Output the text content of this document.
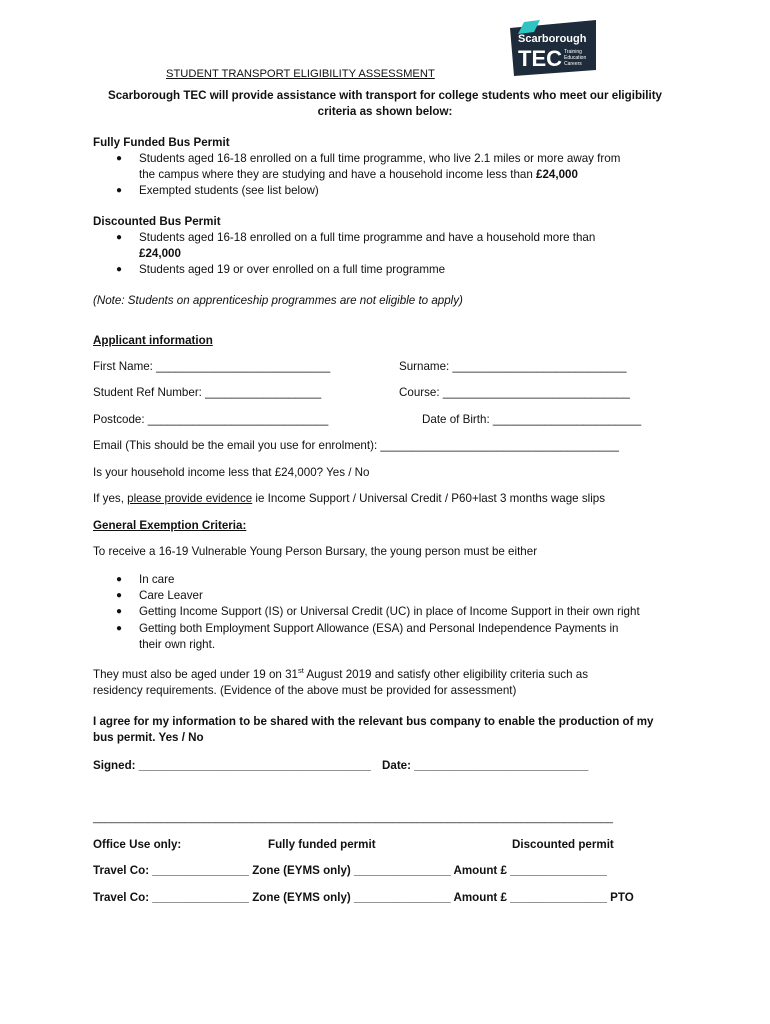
Scarborough
TEC Training
Education
Careers
STUDENT TRANSPORT ELIGIBILITY ASSESSMENT
Scarborough TEC will provide assistance with transport for college students who meet our eligibility
criteria as shown below:
Fully Funded Bus Permit
● Students aged 16-18 enrolled on a full time programme, who live 2.1 miles or more away from
the campus where they are studying and have a household income less than £24,000
● Exempted students (see list below)
Discounted Bus Permit
● Students aged 16-18 enrolled on a full time programme and have a household more than
£24,000
● Students aged 19 or over enrolled on a full time programme
(Note: Students on apprenticeship programmes are not eligible to apply)
Applicant information
First Name: ___________________________	Surname: ___________________________
Student Ref Number: __________________	Course: _____________________________
Postcode: ____________________________	Date of Birth: _______________________
Email (This should be the email you use for enrolment): _____________________________________
Is your household income less that £24,000? Yes / No
If yes, please provide evidence ie Income Support / Universal Credit / P60+last 3 months wage slips
General Exemption Criteria:
To receive a 16-19 Vulnerable Young Person Bursary, the young person must be either
● In care
● Care Leaver
● Getting Income Support (IS) or Universal Credit (UC) in place of Income Support in their own right
● Getting both Employment Support Allowance (ESA) and Personal Independence Payments in
their own right.
They must also be aged under 19 on 31st August 2019 and satisfy other eligibility criteria such as
residency requirements. (Evidence of the above must be provided for assessment)
I agree for my information to be shared with the relevant bus company to enable the production of my
bus permit. Yes / No
Signed: ____________________________________ Date: ___________________________
_____________________________________________________________________________________
Office Use only:	Fully funded permit	Discounted permit
Travel Co: _______________ Zone (EYMS only) _______________ Amount £ _______________
Travel Co: _______________ Zone (EYMS only) _______________ Amount £ _______________ PTO
